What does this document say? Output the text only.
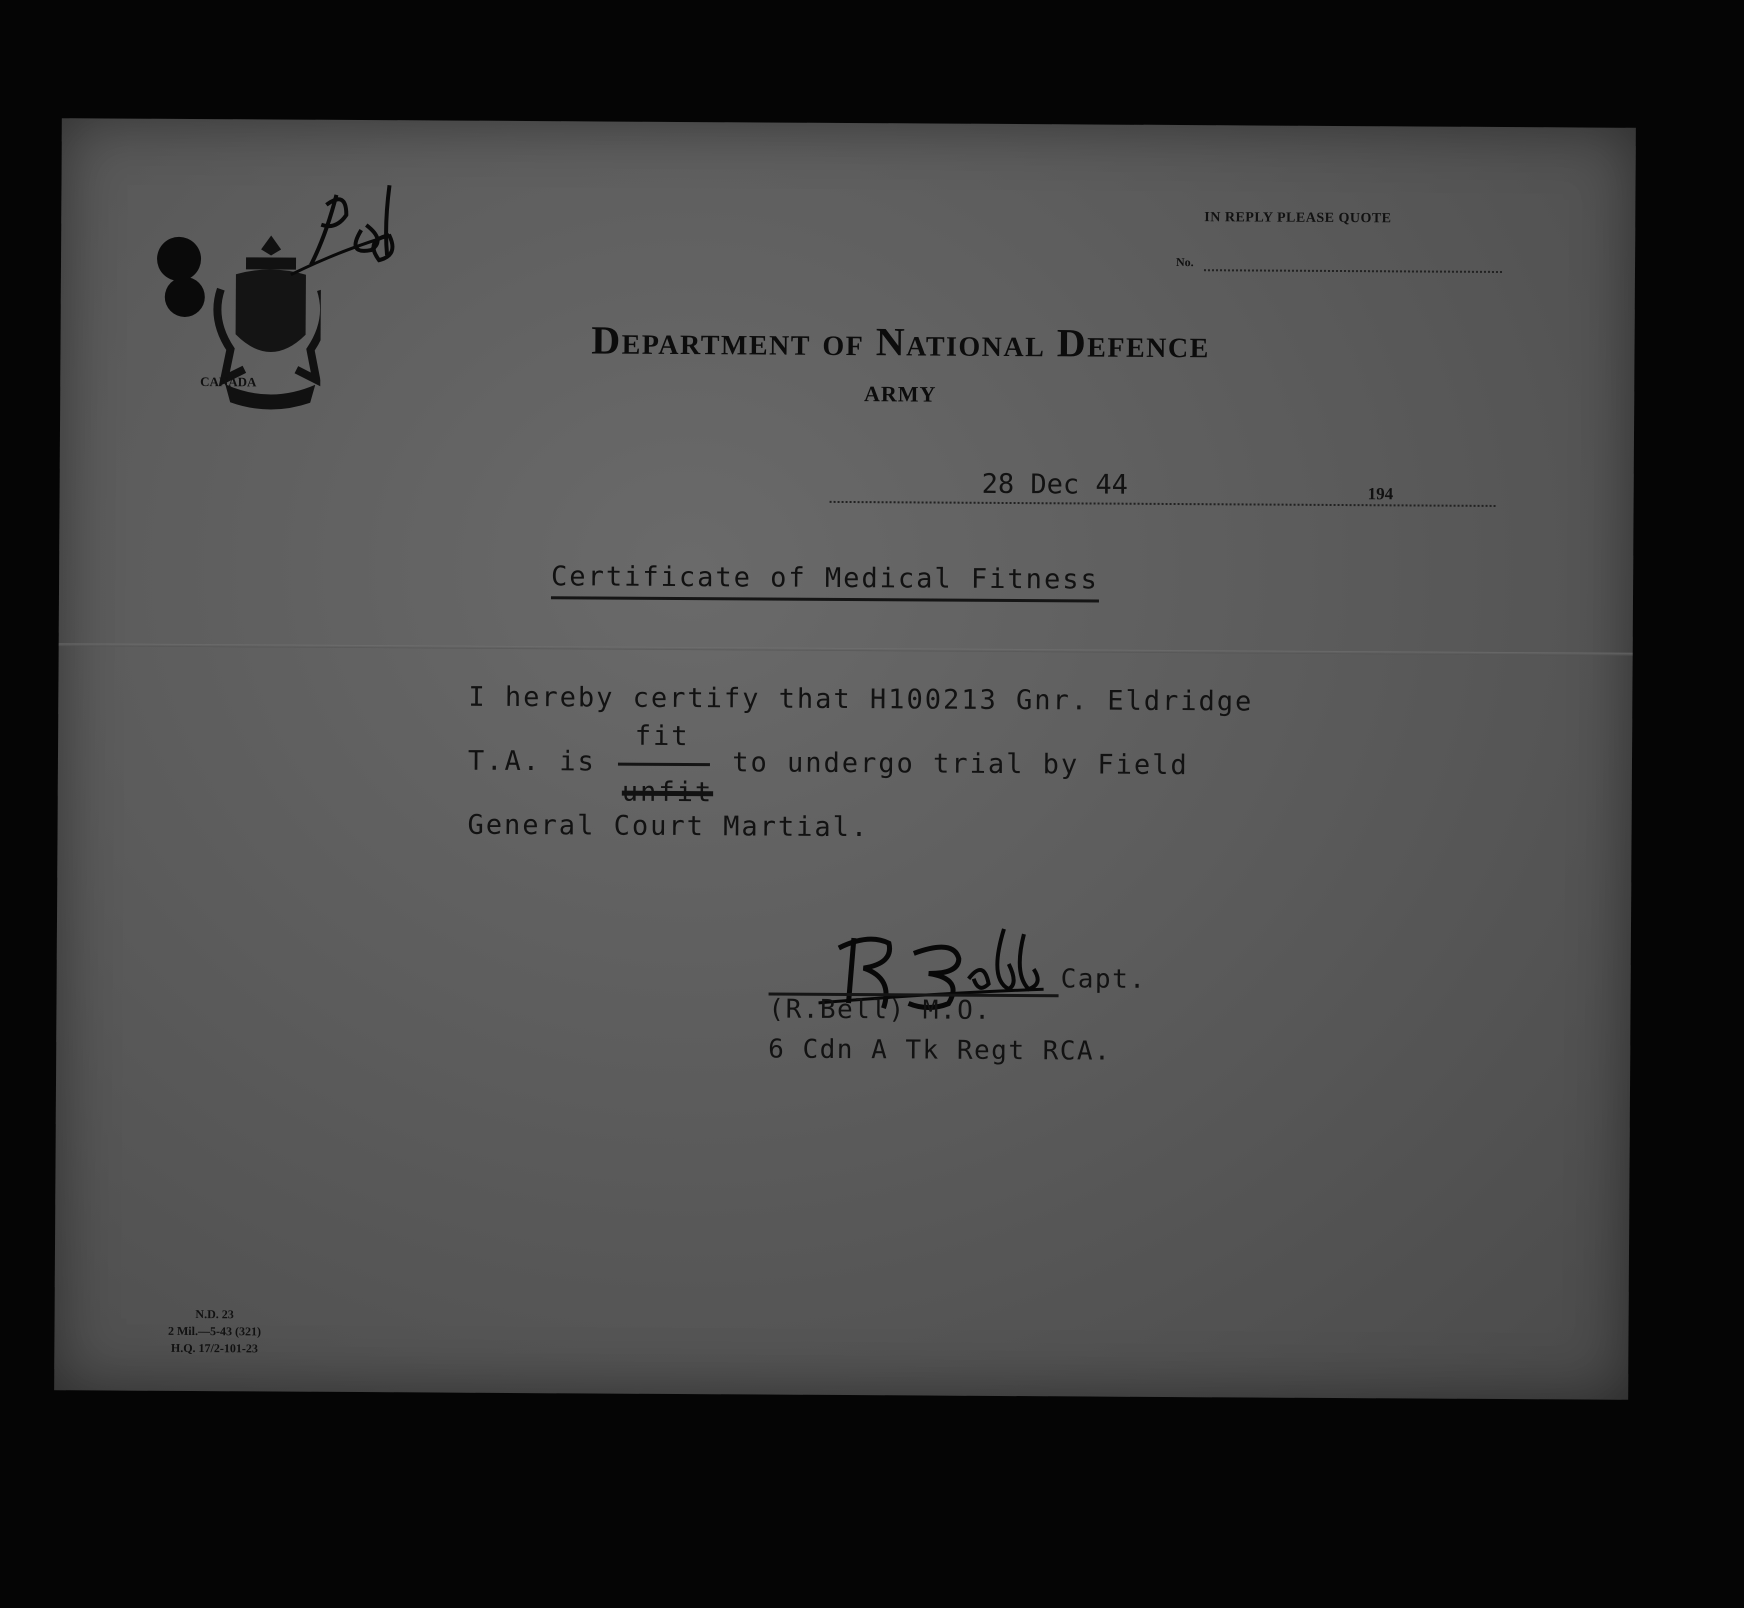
CANADA
IN REPLY PLEASE QUOTE
No.
Department of National Defence
ARMY
28 Dec 44	194
Certificate of Medical Fitness
I hereby certify that H100213 Gnr. Eldridge
T.A. is $\frac{\text{fit}}{\text{unfit}}$ to undergo trial by Field
General Court Martial.
Capt.
(R.Bell) M.O.
6 Cdn A Tk Regt RCA.
N.D. 23
2 Mil.—5-43 (321)
H.Q. 17/2-101-23
